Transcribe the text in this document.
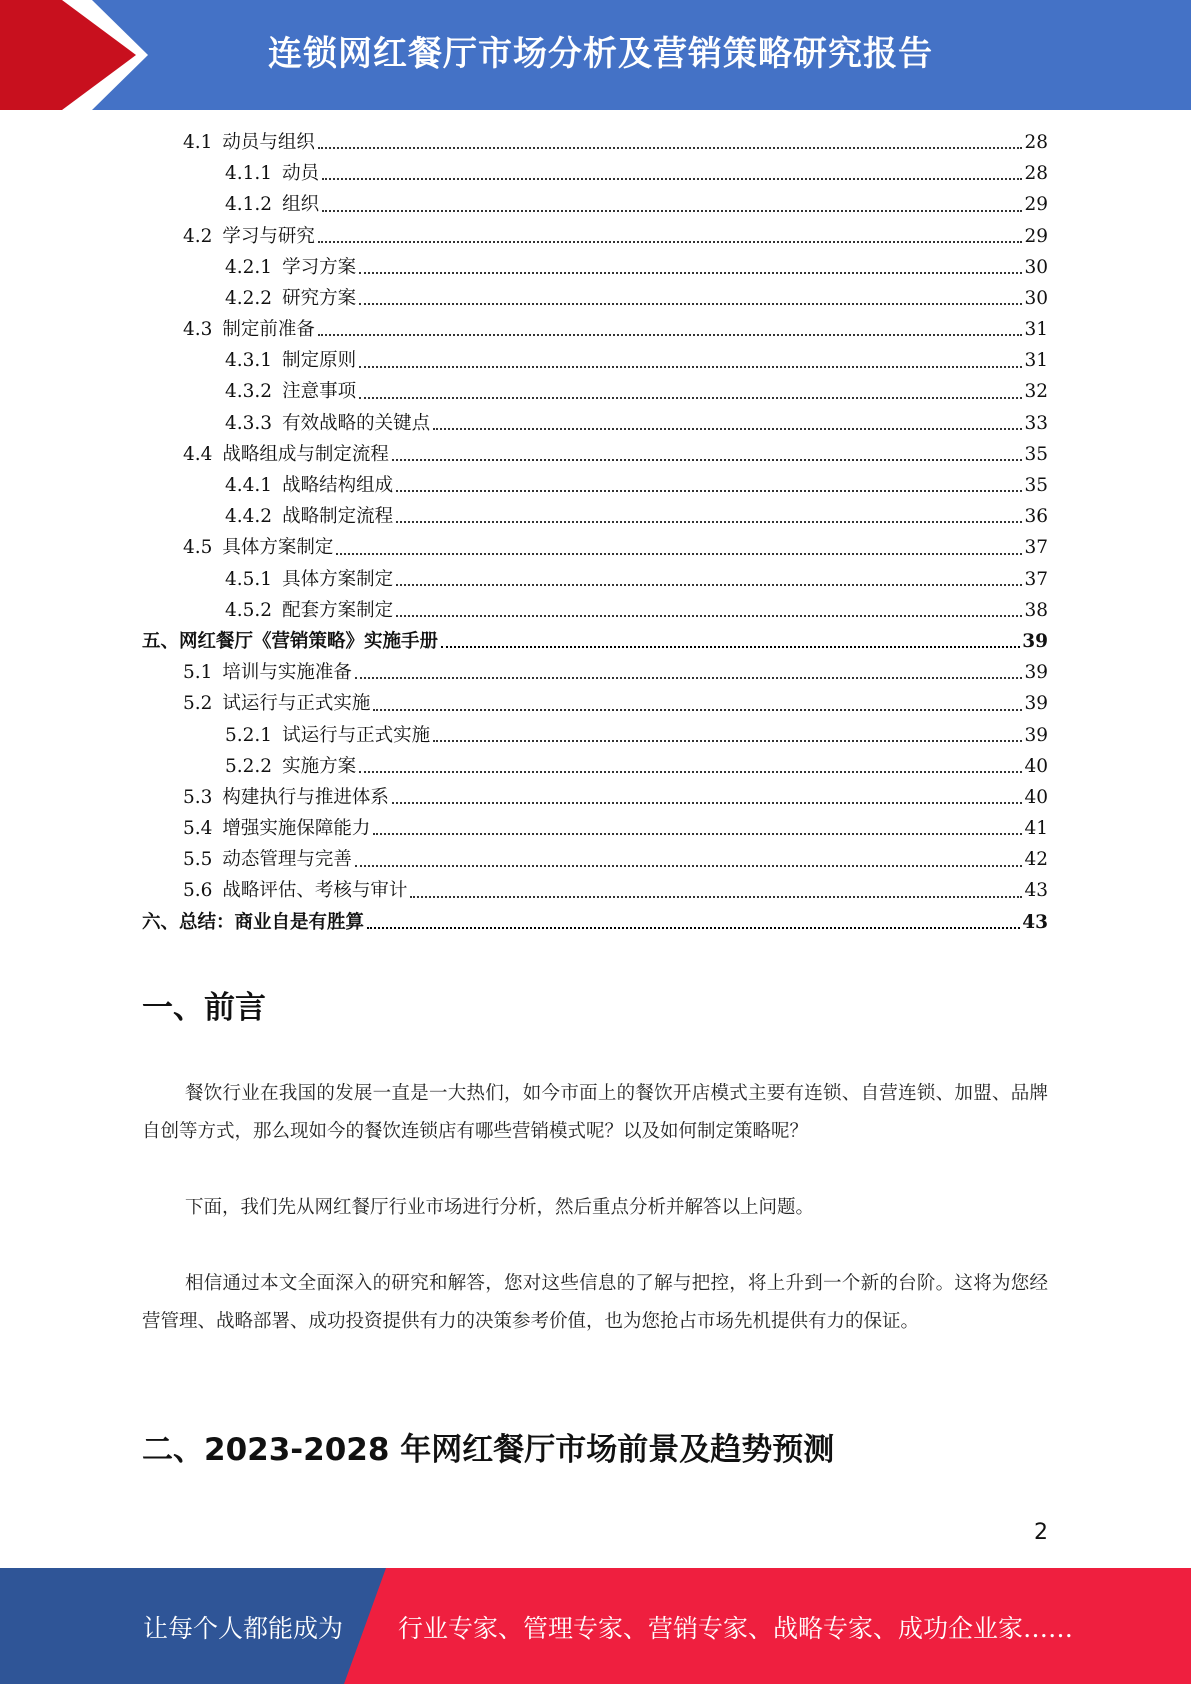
连锁网红餐厅市场分析及营销策略研究报告
4.1 动员与组织	28
4.1.1 动员	28
4.1.2 组织	29
4.2 学习与研究	29
4.2.1 学习方案	30
4.2.2 研究方案	30
4.3 制定前准备	31
4.3.1 制定原则	31
4.3.2 注意事项	32
4.3.3 有效战略的关键点	33
4.4 战略组成与制定流程	35
4.4.1 战略结构组成	35
4.4.2 战略制定流程	36
4.5 具体方案制定	37
4.5.1 具体方案制定	37
4.5.2 配套方案制定	38
五、 网红餐厅《营销策略》实施手册	39
5.1 培训与实施准备	39
5.2 试运行与正式实施	39
5.2.1 试运行与正式实施	39
5.2.2 实施方案	40
5.3 构建执行与推进体系	40
5.4 增强实施保障能力	41
5.5 动态管理与完善	42
5.6 战略评估、考核与审计	43
六、 总结：商业自是有胜算	43
一、前言
餐饮行业在我国的发展一直是一大热们，如今市面上的餐饮开店模式主要有连锁、自营连锁、加盟、品牌自创等方式，那么现如今的餐饮连锁店有哪些营销模式呢？以及如何制定策略呢？
下面，我们先从网红餐厅行业市场进行分析，然后重点分析并解答以上问题。
相信通过本文全面深入的研究和解答，您对这些信息的了解与把控，将上升到一个新的台阶。这将为您经营管理、战略部署、成功投资提供有力的决策参考价值，也为您抢占市场先机提供有力的保证。
二、2023-2028 年网红餐厅市场前景及趋势预测
2
让每个人都能成为 行业专家、管理专家、营销专家、战略专家、成功企业家……
